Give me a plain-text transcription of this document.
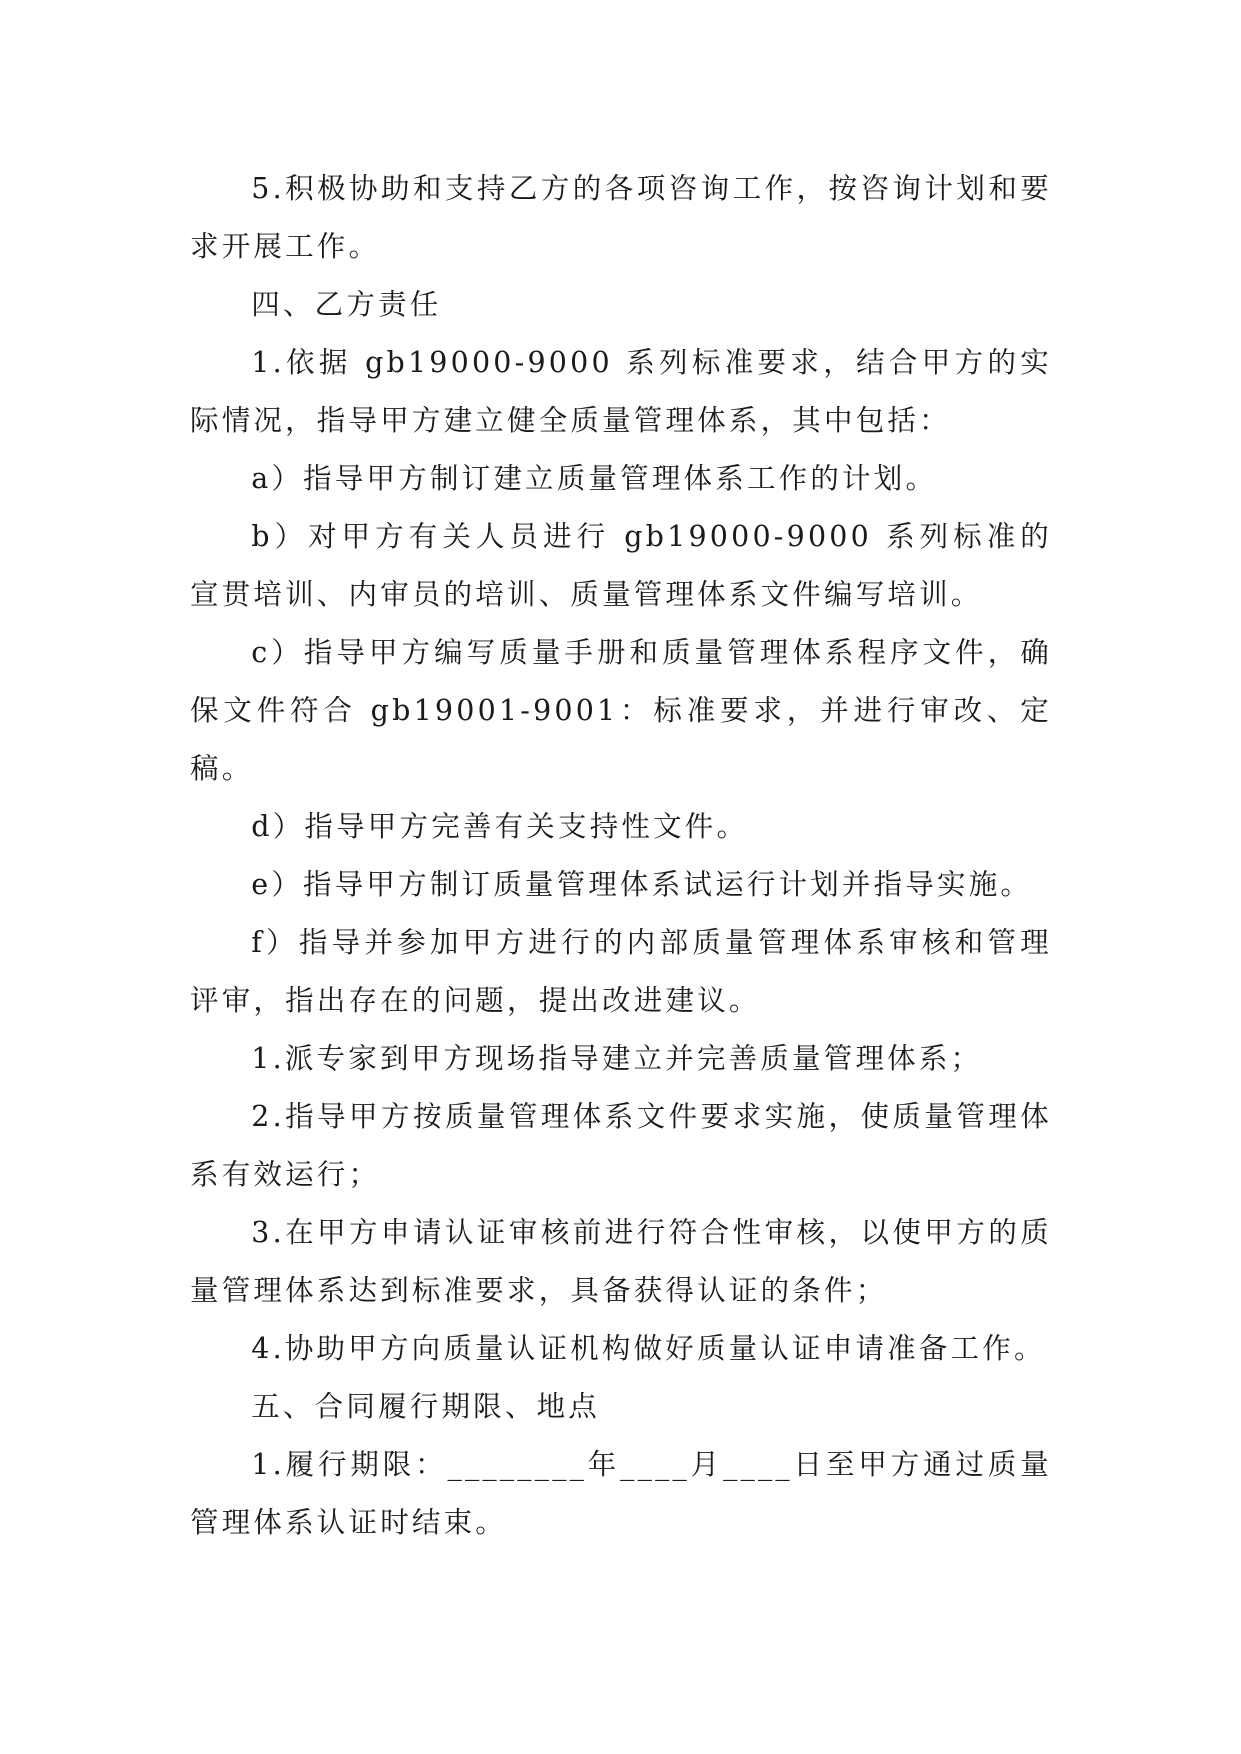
5.积极协助和支持乙方的各项咨询工作，按咨询计划和要求开展工作。

四、乙方责任

1.依据 gb19000-9000 系列标准要求，结合甲方的实际情况，指导甲方建立健全质量管理体系，其中包括：

a）指导甲方制订建立质量管理体系工作的计划。

b）对甲方有关人员进行 gb19000-9000 系列标准的宣贯培训、内审员的培训、质量管理体系文件编写培训。

c）指导甲方编写质量手册和质量管理体系程序文件，确保文件符合 gb19001-9001：标准要求，并进行审改、定稿。

d）指导甲方完善有关支持性文件。

e）指导甲方制订质量管理体系试运行计划并指导实施。

f）指导并参加甲方进行的内部质量管理体系审核和管理评审，指出存在的问题，提出改进建议。

1.派专家到甲方现场指导建立并完善质量管理体系；

2.指导甲方按质量管理体系文件要求实施，使质量管理体系有效运行；

3.在甲方申请认证审核前进行符合性审核，以使甲方的质量管理体系达到标准要求，具备获得认证的条件；

4.协助甲方向质量认证机构做好质量认证申请准备工作。

五、合同履行期限、地点

1.履行期限：________年____月____日至甲方通过质量管理体系认证时结束。
